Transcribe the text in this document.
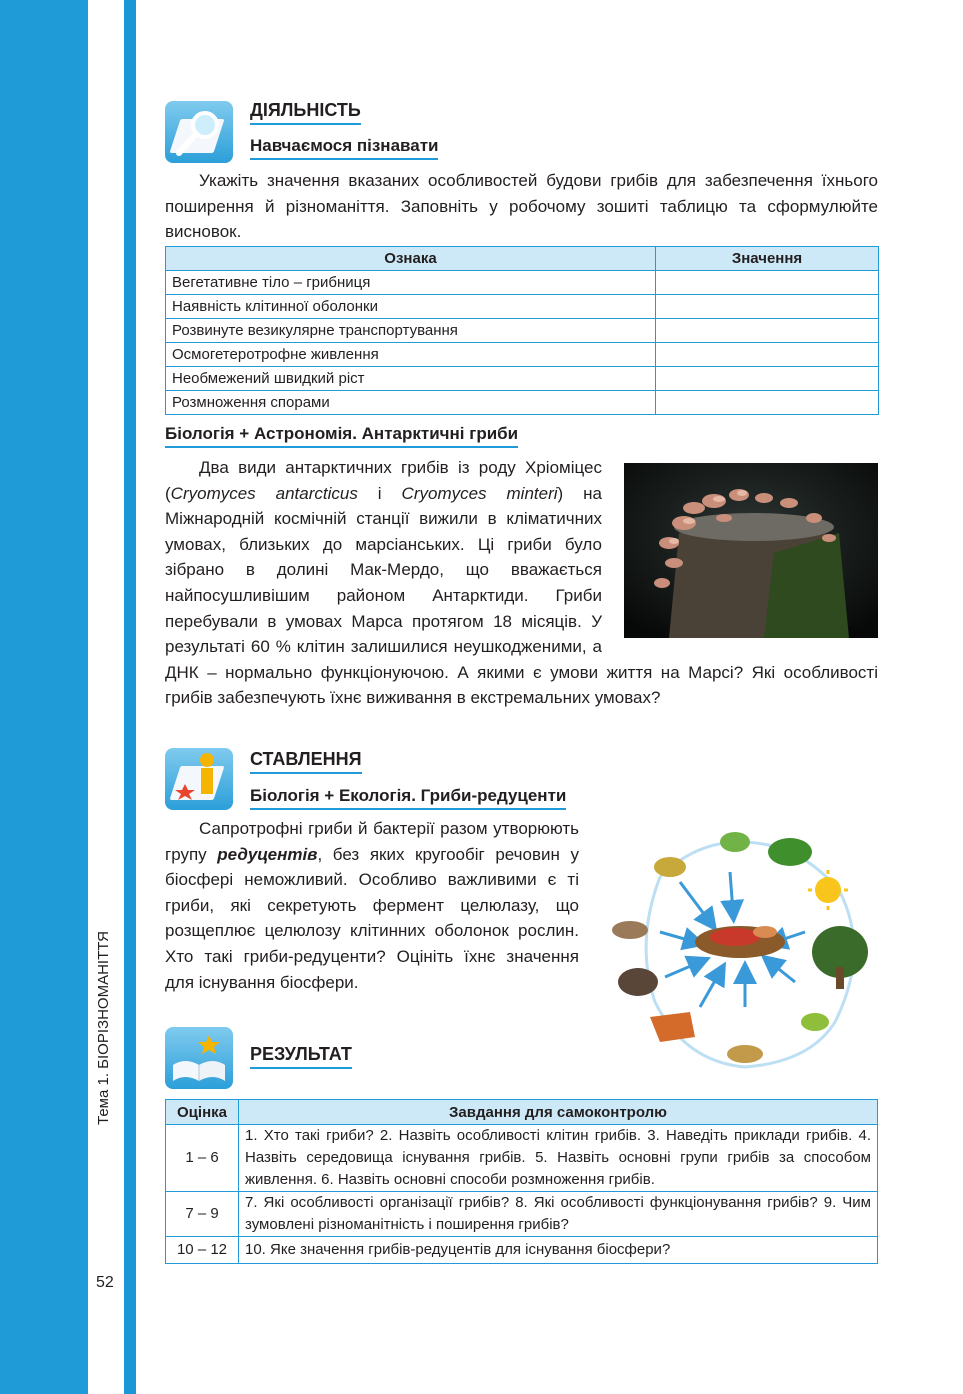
Тема 1. БІОРІЗНОМАНІТТЯ
52
ДІЯЛЬНІСТЬ
Навчаємося пізнавати

Укажіть значення вказаних особливостей будови грибів для забезпечення їхнього поширення й різноманіття. Заповніть у робочому зошиті таблицю та сформулюйте висновок.

Ознака	Значення
Вегетативне тіло – грибниця	
Наявність клітинної оболонки	
Розвинуте везикулярне транспортування	
Осмогетеротрофне живлення	
Необмежений швидкий ріст	
Розмноження спорами	
Біологія + Астрономія. Антарктичні гриби

Два види антарктичних грибів із роду Хріоміцес (Cryomyces antarcticus і Cryomyces minteri) на Міжнародній космічній станції вижили в кліматичних умовах, близьких до марсіанських. Ці гриби було зібрано в долині Мак-Мердо, що вважається найпосушливішим районом Антарктиди. Гриби перебували в умовах Марса протягом 18 місяців. У результаті 60 % клітин залишилися неушкодженими, а ДНК – нормально функціонуючою. А якими є умови життя на Марсі? Які особливості грибів забезпечують їхнє виживання в екстремальних умовах?

СТАВЛЕННЯ
Біологія + Екологія. Гриби-редуценти

Сапротрофні гриби й бактерії разом утворюють групу редуцентів, без яких кругообіг речовин у біосфері неможливий. Особливо важливими є ті гриби, які секретують фермент целюлазу, що розщеплює целюлозу клітинних оболонок рослин. Хто такі гриби-редуценти? Оцініть їхнє значення для існування біосфери.

РЕЗУЛЬТАТ
Оцінка	Завдання для самоконтролю
1 – 6	1. Хто такі гриби? 2. Назвіть особливості клітин грибів. 3. Наведіть приклади грибів. 4. Назвіть середовища існування грибів. 5. Назвіть основні групи грибів за способом живлення. 6. Назвіть основні способи розмноження грибів.
7 – 9	7. Які особливості організації грибів? 8. Які особливості функціонування грибів? 9. Чим зумовлені різноманітність і поширення грибів?
10 – 12	10. Яке значення грибів-редуцентів для існування біосфери?
